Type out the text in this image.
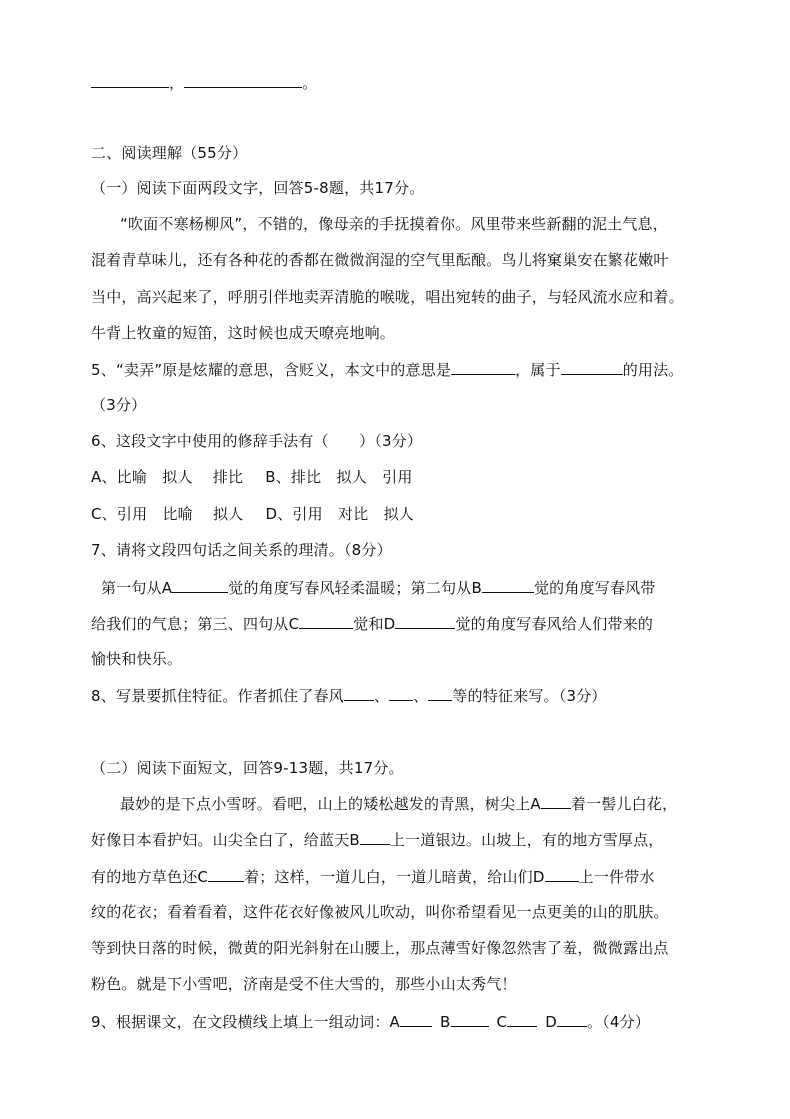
，	。
二、阅读理解（55分）
（一）阅读下面两段文字，回答5-8题，共17分。
“吹面不寒杨柳风”，不错的，像母亲的手抚摸着你。风里带来些新翻的泥土气息，
混着青草味儿，还有各种花的香都在微微润湿的空气里酝酿。鸟儿将窠巢安在繁花嫩叶
当中，高兴起来了，呼朋引伴地卖弄清脆的喉咙，唱出宛转的曲子，与轻风流水应和着。
牛背上牧童的短笛，这时候也成天嘹亮地响。
5、“卖弄”原是炫耀的意思，含贬义，本文中的意思是	，属于	的用法。
（3分）
6、这段文字中使用的修辞手法有（　　）（3分）
A、比喻　拟人　 排比 B、排比　拟人　引用
C、引用　比喻　 拟人 D、引用　对比　拟人
7、请将文段四句话之间关系的理清。（8分）
第一句从A	觉的角度写春风轻柔温暖；第二句从B	觉的角度写春风带
给我们的气息；第三、四句从C	觉和D	觉的角度写春风给人们带来的
愉快和快乐。
8、写景要抓住特征。作者抓住了春风 、 、 等的特征来写。（3分）
（二）阅读下面短文，回答9-13题，共17分。
最妙的是下点小雪呀。看吧，山上的矮松越发的青黑，树尖上A 着一髻儿白花，
好像日本看护妇。山尖全白了，给蓝天B 上一道银边。山坡上，有的地方雪厚点，
有的地方草色还C 着；这样，一道儿白，一道儿暗黄，给山们D 上一件带水
纹的花衣；看着看着，这件花衣好像被风儿吹动，叫你希望看见一点更美的山的肌肤。
等到快日落的时候，微黄的阳光斜射在山腰上，那点薄雪好像忽然害了羞，微微露出点
粉色。就是下小雪吧，济南是受不住大雪的，那些小山太秀气！
9、根据课文，在文段横线上填上一组动词：A	B	C	D 。（4分）
